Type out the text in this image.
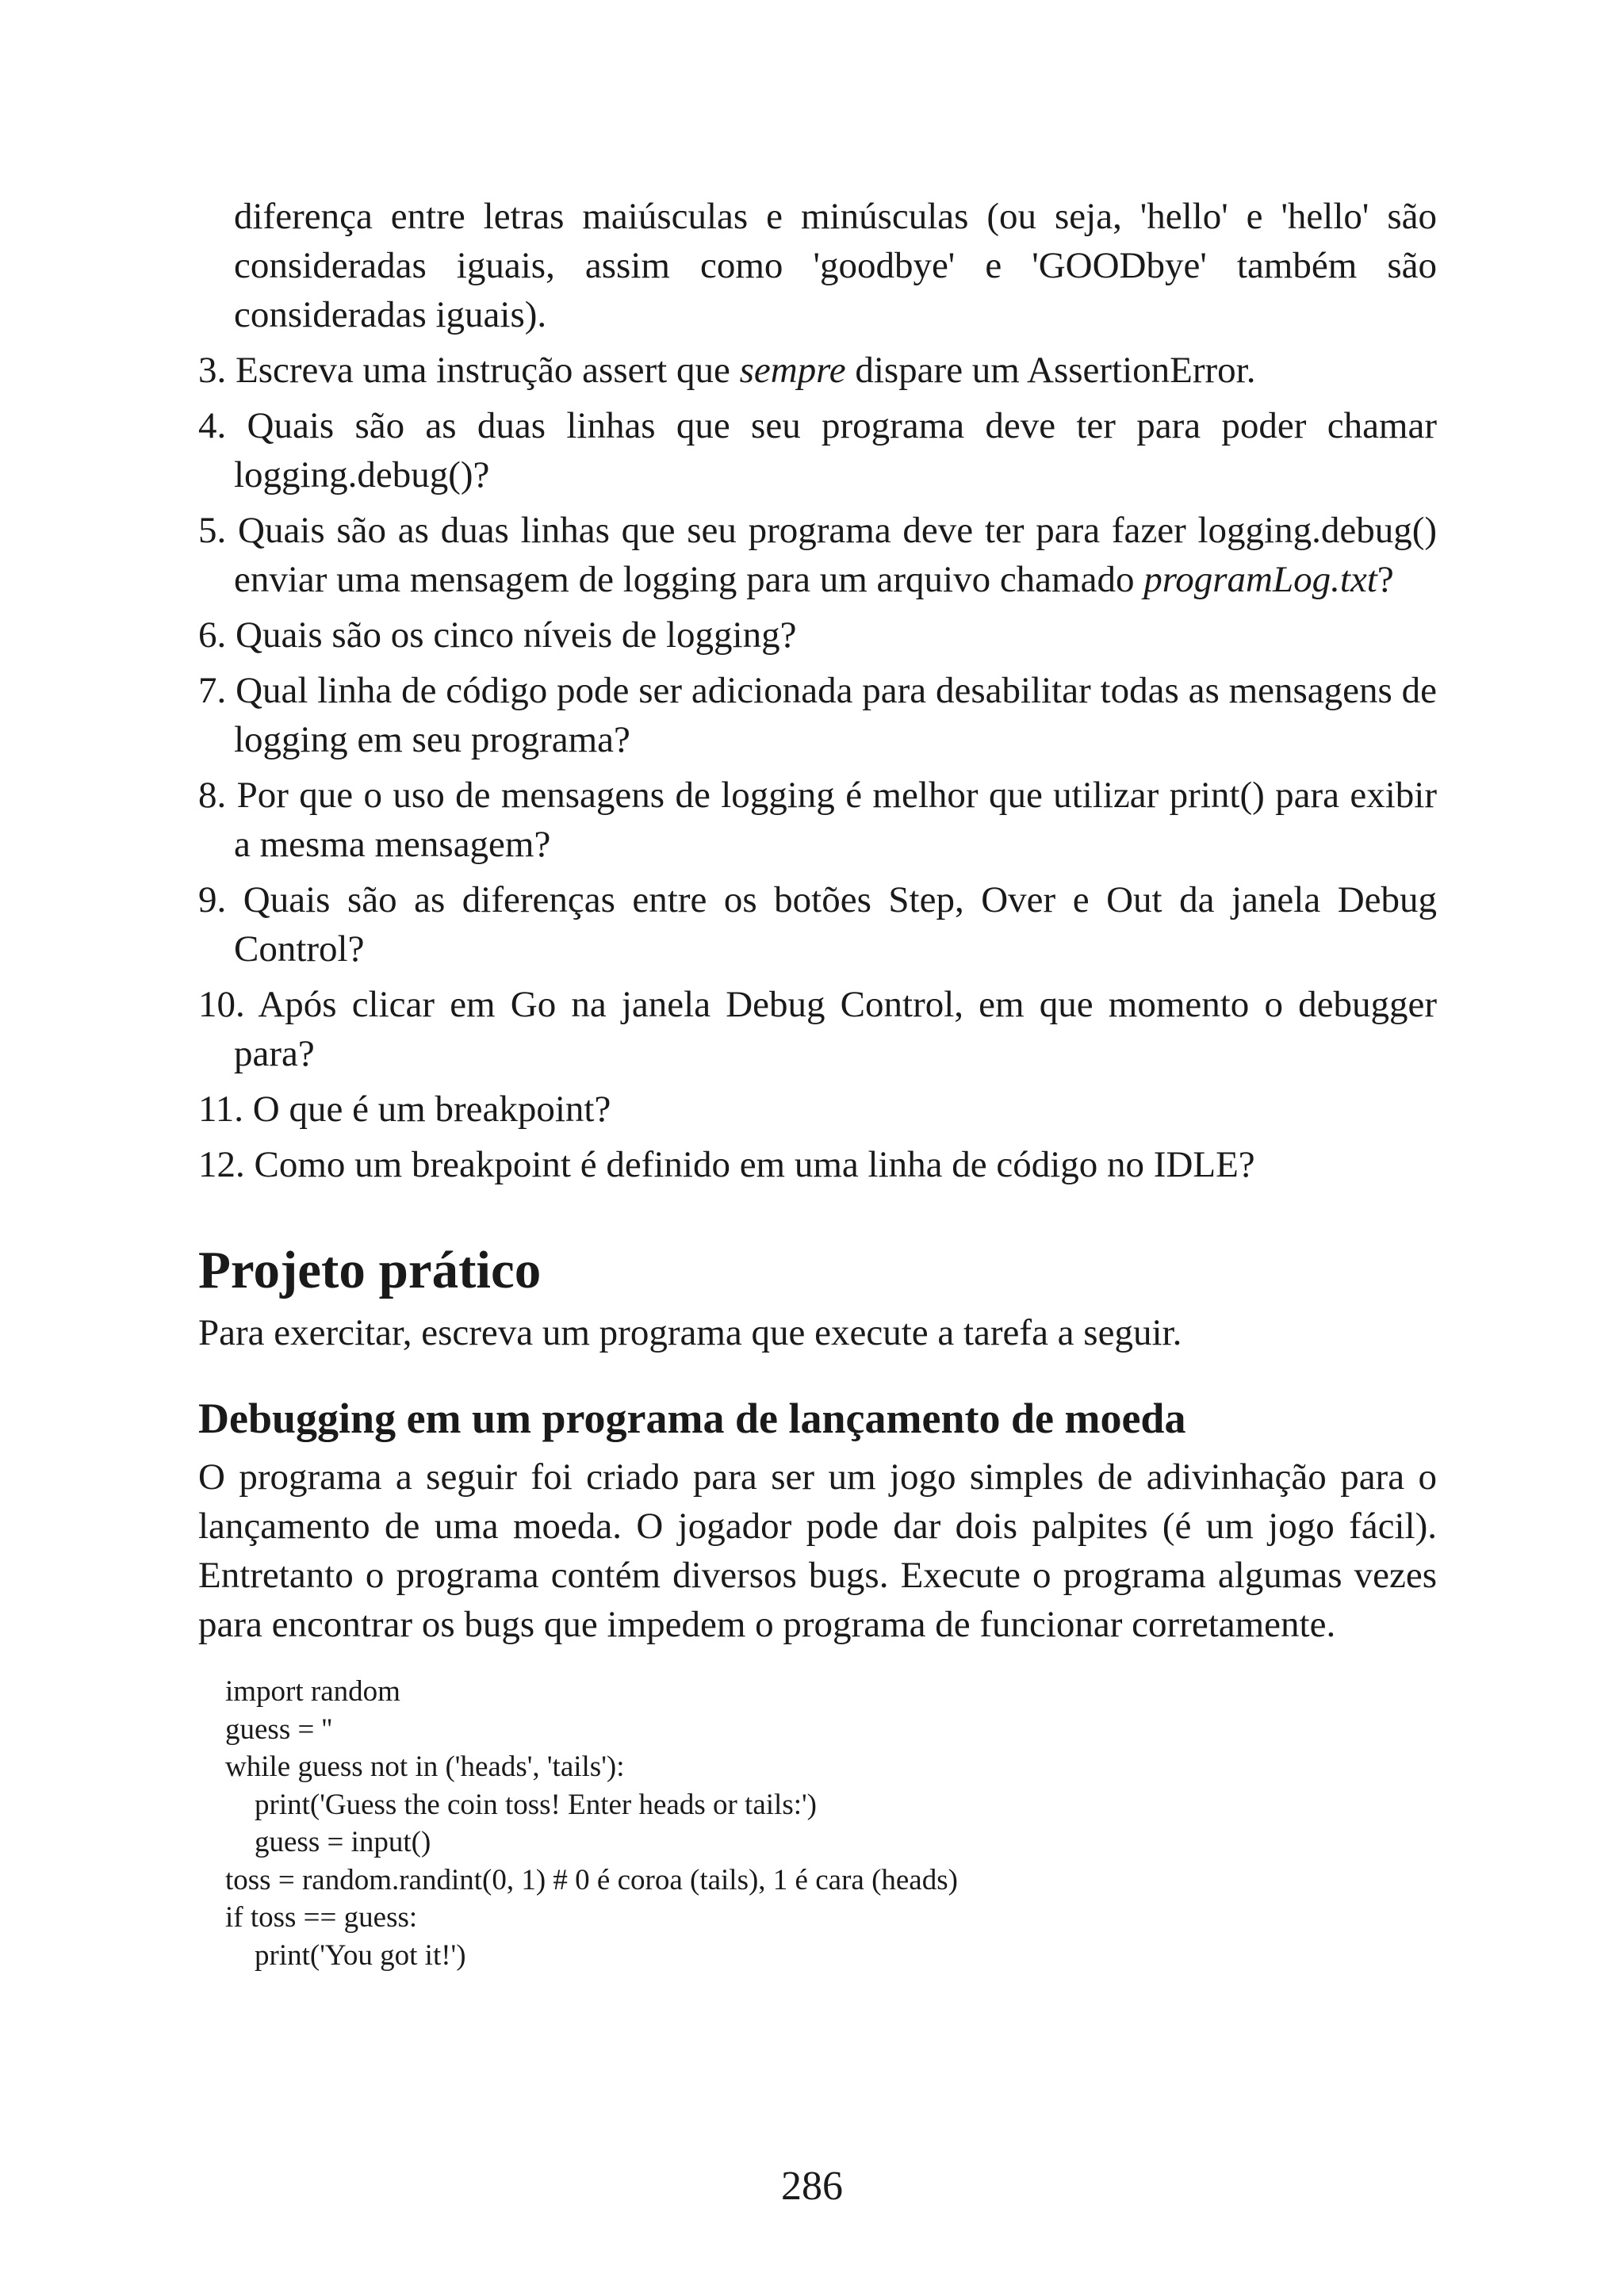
diferença entre letras maiúsculas e minúsculas (ou seja, 'hello' e 'hello' são consideradas iguais, assim como 'goodbye' e 'GOODbye' também são consideradas iguais).
3. Escreva uma instrução assert que sempre dispare um AssertionError.
4. Quais são as duas linhas que seu programa deve ter para poder chamar logging.debug()?
5. Quais são as duas linhas que seu programa deve ter para fazer logging.debug() enviar uma mensagem de logging para um arquivo chamado programLog.txt?
6. Quais são os cinco níveis de logging?
7. Qual linha de código pode ser adicionada para desabilitar todas as mensagens de logging em seu programa?
8. Por que o uso de mensagens de logging é melhor que utilizar print() para exibir a mesma mensagem?
9. Quais são as diferenças entre os botões Step, Over e Out da janela Debug Control?
10. Após clicar em Go na janela Debug Control, em que momento o debugger para?
11. O que é um breakpoint?
12. Como um breakpoint é definido em uma linha de código no IDLE?
Projeto prático

Para exercitar, escreva um programa que execute a tarefa a seguir.

Debugging em um programa de lançamento de moeda

O programa a seguir foi criado para ser um jogo simples de adivinhação para o lançamento de uma moeda. O jogador pode dar dois palpites (é um jogo fácil). Entretanto o programa contém diversos bugs. Execute o programa algumas vezes para encontrar os bugs que impedem o programa de funcionar corretamente.

import random
guess = ''
while guess not in ('heads', 'tails'):
print('Guess the coin toss! Enter heads or tails:')
guess = input()
toss = random.randint(0, 1) # 0 é coroa (tails), 1 é cara (heads)
if toss == guess:
print('You got it!')
286
